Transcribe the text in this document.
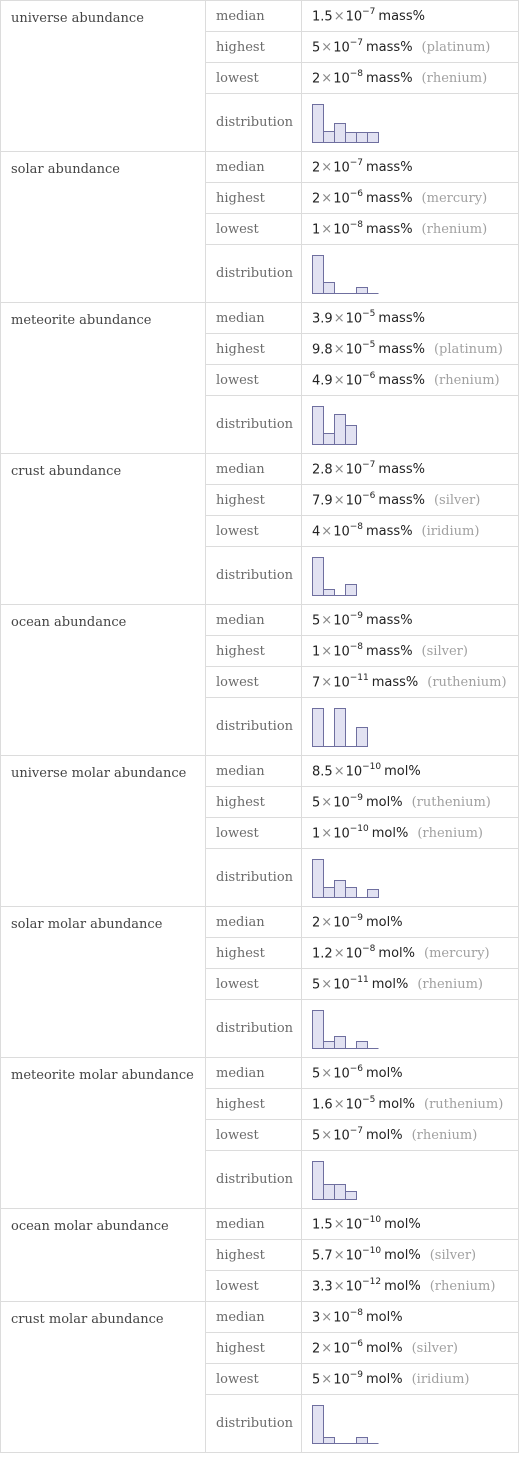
universe abundance	median	$1.5\times 10^{-7}$ mass%
	highest	$5\times 10^{-7}$ mass% (platinum)
	lowest	$2\times 10^{-8}$ mass% (rhenium)
	distribution	

solar abundance	median	$2\times 10^{-7}$ mass%
	highest	$2\times 10^{-6}$ mass% (mercury)
	lowest	$1\times 10^{-8}$ mass% (rhenium)
	distribution	

meteorite abundance	median	$3.9\times 10^{-5}$ mass%
	highest	$9.8\times 10^{-5}$ mass% (platinum)
	lowest	$4.9\times 10^{-6}$ mass% (rhenium)
	distribution	

crust abundance	median	$2.8\times 10^{-7}$ mass%
	highest	$7.9\times 10^{-6}$ mass% (silver)
	lowest	$4\times 10^{-8}$ mass% (iridium)
	distribution	

ocean abundance	median	$5\times 10^{-9}$ mass%
	highest	$1\times 10^{-8}$ mass% (silver)
	lowest	$7\times 10^{-11}$ mass% (ruthenium)
	distribution	

universe molar abundance	median	$8.5\times 10^{-10}$ mol%
	highest	$5\times 10^{-9}$ mol% (ruthenium)
	lowest	$1\times 10^{-10}$ mol% (rhenium)
	distribution	

solar molar abundance	median	$2\times 10^{-9}$ mol%
	highest	$1.2\times 10^{-8}$ mol% (mercury)
	lowest	$5\times 10^{-11}$ mol% (rhenium)
	distribution	

meteorite molar abundance	median	$5\times 10^{-6}$ mol%
	highest	$1.6\times 10^{-5}$ mol% (ruthenium)
	lowest	$5\times 10^{-7}$ mol% (rhenium)
	distribution	

ocean molar abundance	median	$1.5\times 10^{-10}$ mol%
	highest	$5.7\times 10^{-10}$ mol% (silver)
	lowest	$3.3\times 10^{-12}$ mol% (rhenium)
crust molar abundance	median	$3\times 10^{-8}$ mol%
	highest	$2\times 10^{-6}$ mol% (silver)
	lowest	$5\times 10^{-9}$ mol% (iridium)
	distribution	
